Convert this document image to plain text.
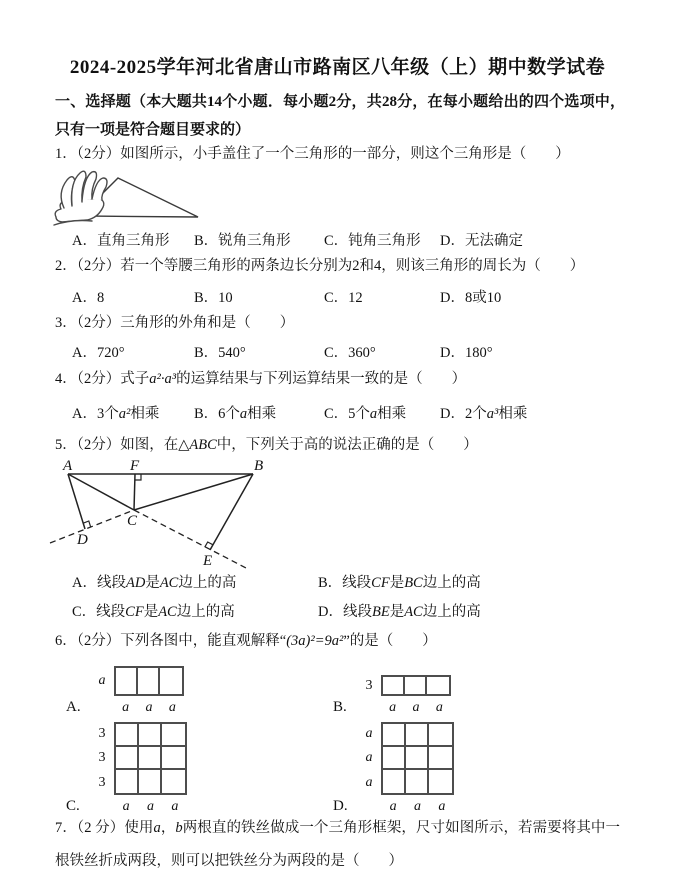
2024-2025学年河北省唐山市路南区八年级（上）期中数学试卷
一、选择题（本大题共14个小题．每小题2分，共28分，在每小题给出的四个选项中，只有一项是符合题目要求的）
1．（2分）如图所示，小手盖住了一个三角形的一部分，则这个三角形是（　　）
A．直角三角形	B．锐角三角形	C．钝角三角形	D．无法确定
2．（2分）若一个等腰三角形的两条边长分别为2和4，则该三角形的周长为（　　）
A．8	B．10	C．12	D．8或10
3．（2分）三角形的外角和是（　　）
A．720°	B．540°	C．360°	D．180°
4．（2分）式子a²·a³的运算结果与下列运算结果一致的是（　　）
A．3个a²相乘	B．6个a相乘	C．5个a相乘	D．2个a³相乘
5．（2分）如图，在△ABC中，下列关于高的说法正确的是（　　）
A	F	B
C
D
E
A．线段AD是AC边上的高	B．线段CF是BC边上的高
C．线段CF是AC边上的高	D．线段BE是AC边上的高
6．（2分）下列各图中，能直观解释“(3a)²=9a²”的是（　　）
A.
a
a a a	B.
3
a a a
C.
3
3
3
a a a	D.
a
a
a
a a a
7．（2 分）使用a，b两根直的铁丝做成一个三角形框架，尺寸如图所示，若需要将其中一根铁丝折成两段，则可以把铁丝分为两段的是（　　）
